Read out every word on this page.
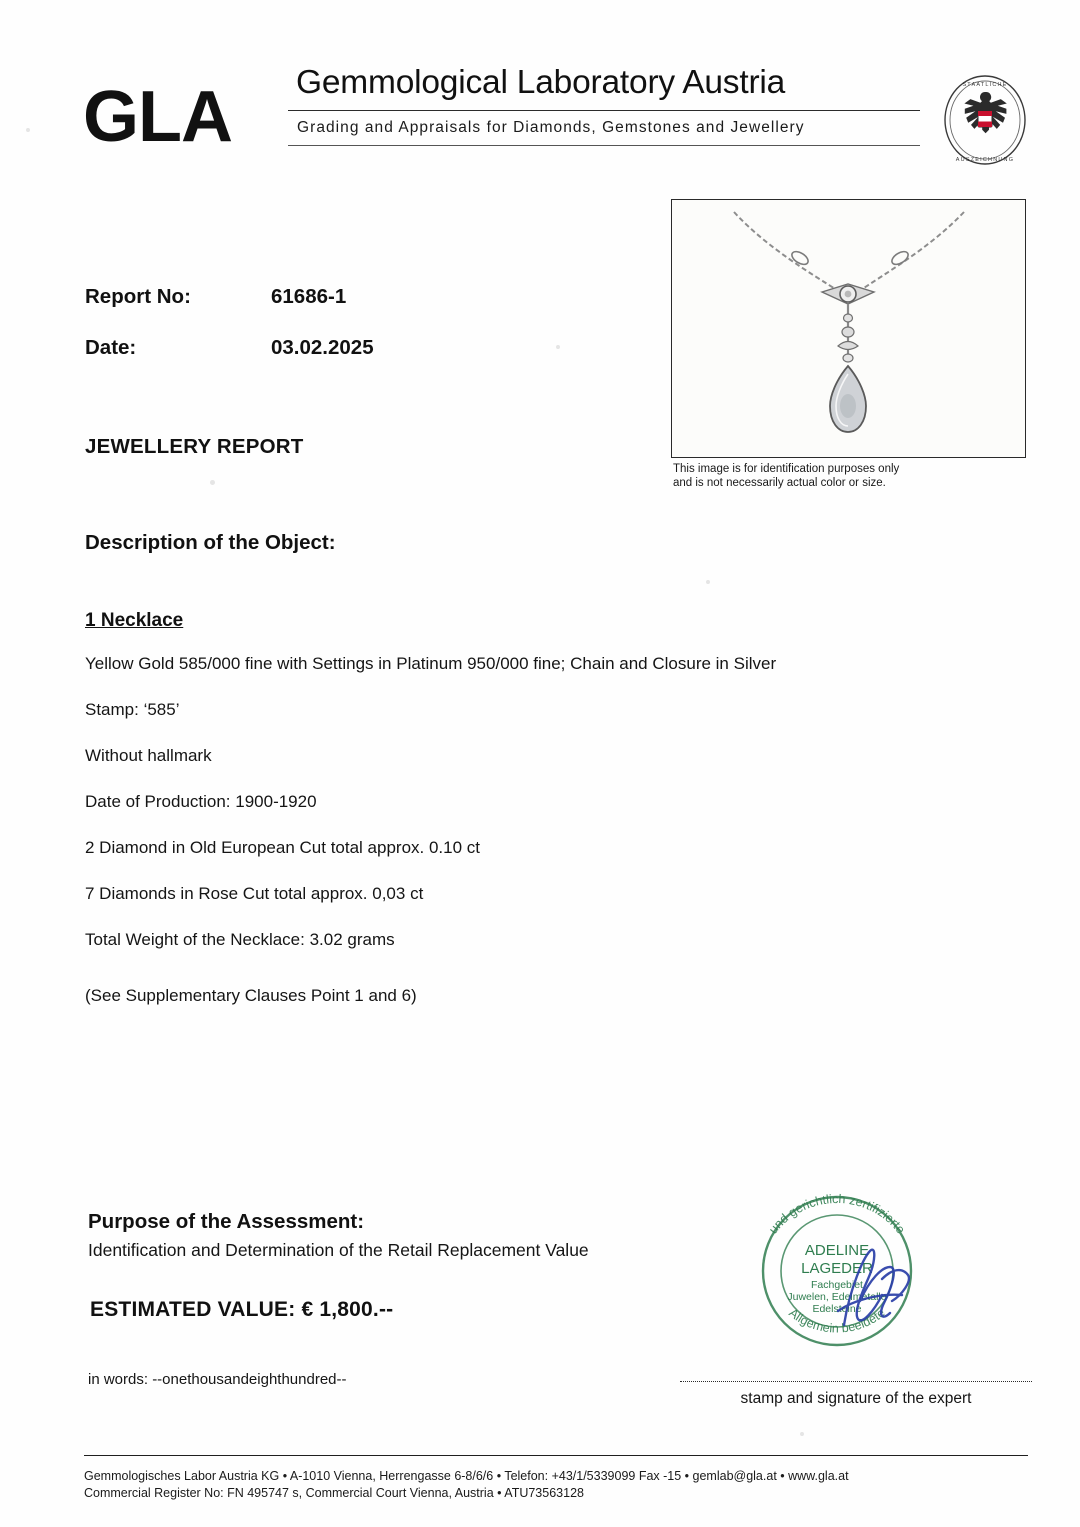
GLA Gemmological Laboratory Austria
Grading and Appraisals for Diamonds, Gemstones and Jewellery
STAATLICHE
AUSZEICHNUNG
This image is for identification purposes only
and is not necessarily actual color or size.
Report No:	61686-1
Date:	03.02.2025
JEWELLERY REPORT
Description of the Object:
1 Necklace
Yellow Gold 585/000 fine with Settings in Platinum 950/000 fine; Chain and Closure in Silver
Stamp: ‘585’
Without hallmark
Date of Production: 1900-1920
2 Diamond in Old European Cut total approx. 0.10 ct
7 Diamonds in Rose Cut total approx. 0,03 ct
Total Weight of the Necklace: 3.02 grams
(See Supplementary Clauses Point 1 and 6)
Purpose of the Assessment:
Identification and Determination of the Retail Replacement Value
ESTIMATED VALUE: € 1,800.--
in words: --onethousandeighthundred--
und gerichtlich zertifizierte
Allgemein beeidete
ADELINE
LAGEDER
Fachgebiet
Juwelen, Edelmetalle
Edelsteine
stamp and signature of the expert
Gemmologisches Labor Austria KG • A-1010 Vienna, Herrengasse 6-8/6/6 • Telefon: +43/1/5339099 Fax -15 • gemlab@gla.at • www.gla.at
Commercial Register No: FN 495747 s, Commercial Court Vienna, Austria • ATU73563128
